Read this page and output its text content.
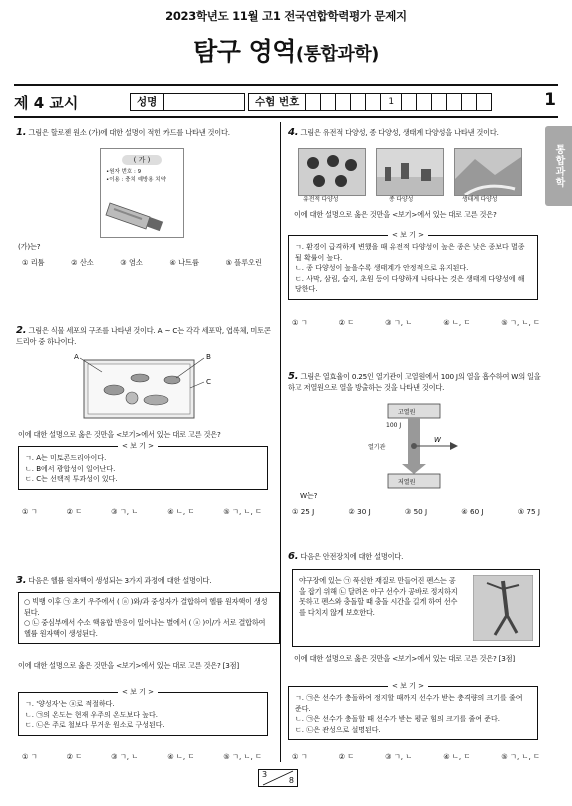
2023학년도 11월 고1 전국연합학력평가 문제지
탐구 영역(통합과학)
제 4 교시	성명	수험 번호	1	1
통합과학
1. 그림은 할로젠 원소 (가)에 대한 설명이 적힌 카드를 나타낸 것이다.
( 가 )
•원자 번호 : 9
•이용 : 충치 예방용 치약
(가)는?
① 리튬	② 산소	③ 염소	④ 나트륨	⑤ 플루오린
2. 그림은 식물 세포의 구조를 나타낸 것이다. A ~ C는 각각 세포막, 엽록체, 미토콘드리아 중 하나이다.
A	B
C
이에 대한 설명으로 옳은 것만을 <보기>에서 있는 대로 고른 것은?
ㄱ. A는 미토콘드리아이다.
ㄴ. B에서 광합성이 일어난다.
ㄷ. C는 선택적 투과성이 있다.
< 보 기 >
① ㄱ	② ㄷ	③ ㄱ, ㄴ	④ ㄴ, ㄷ	⑤ ㄱ, ㄴ, ㄷ
3. 다음은 헬륨 원자핵이 생성되는 3가지 과정에 대한 설명이다.
○ 빅뱅 이후 ㉠ 초기 우주에서 ( ⓐ )와/과 중성자가 결합하여 헬륨 원자핵이 생성된다.
○ ㉡ 중심부에서 수소 핵융합 반응이 일어나는 별에서 ( ⓐ )이/가 서로 결합하여 헬륨 원자핵이 생성된다.
이에 대한 설명으로 옳은 것만을 <보기>에서 있는 대로 고른 것은? [3점]
ㄱ. '양성자'는 ⓐ로 적절하다.
ㄴ. ㉠의 온도는 현재 우주의 온도보다 높다.
ㄷ. ㉡은 주로 철보다 무거운 원소로 구성된다.
< 보 기 >
① ㄱ	② ㄷ	③ ㄱ, ㄴ	④ ㄴ, ㄷ	⑤ ㄱ, ㄴ, ㄷ
4. 그림은 유전적 다양성, 종 다양성, 생태계 다양성을 나타낸 것이다.
유전적 다양성	종 다양성	생태계 다양성
이에 대한 설명으로 옳은 것만을 <보기>에서 있는 대로 고른 것은?
ㄱ. 환경이 급격하게 변했을 때 유전적 다양성이 높은 종은 낮은 종보다 멸종될 확률이 높다.
ㄴ. 종 다양성이 높을수록 생태계가 안정적으로 유지된다.
ㄷ. 사막, 삼림, 습지, 초원 등이 다양하게 나타나는 것은 생태계 다양성에 해당한다.
< 보 기 >
① ㄱ	② ㄷ	③ ㄱ, ㄴ	④ ㄴ, ㄷ	⑤ ㄱ, ㄴ, ㄷ
5. 그림은 열효율이 0.25인 열기관이 고열원에서 100 J의 열을 흡수하여 W의 일을 하고 저열원으로 열을 방출하는 것을 나타낸 것이다.
고열원
저열원
열기관
100 J
W
W는?
① 25 J	② 30 J	③ 50 J	④ 60 J	⑤ 75 J
6. 다음은 안전장치에 대한 설명이다.
야구장에 있는 ㉠ 푹신한 재질로 만들어진 펜스는 공을 잡기 위해 ㉡ 달려온 야구 선수가 공바로 정지하지 못하고 펜스와 충돌할 때 충돌 시간을 길게 하여 선수를 다치지 않게 보호한다.
이에 대한 설명으로 옳은 것만을 <보기>에서 있는 대로 고른 것은? [3점]
ㄱ. ㉠은 선수가 충돌하여 정지할 때까지 선수가 받는 충격량의 크기를 줄여 준다.
ㄴ. ㉠은 선수가 충돌할 때 선수가 받는 평균 힘의 크기를 줄여 준다.
ㄷ. ㉡은 관성으로 설명된다.
< 보 기 >
① ㄱ	② ㄷ	③ ㄱ, ㄴ	④ ㄴ, ㄷ	⑤ ㄱ, ㄴ, ㄷ
3
8
